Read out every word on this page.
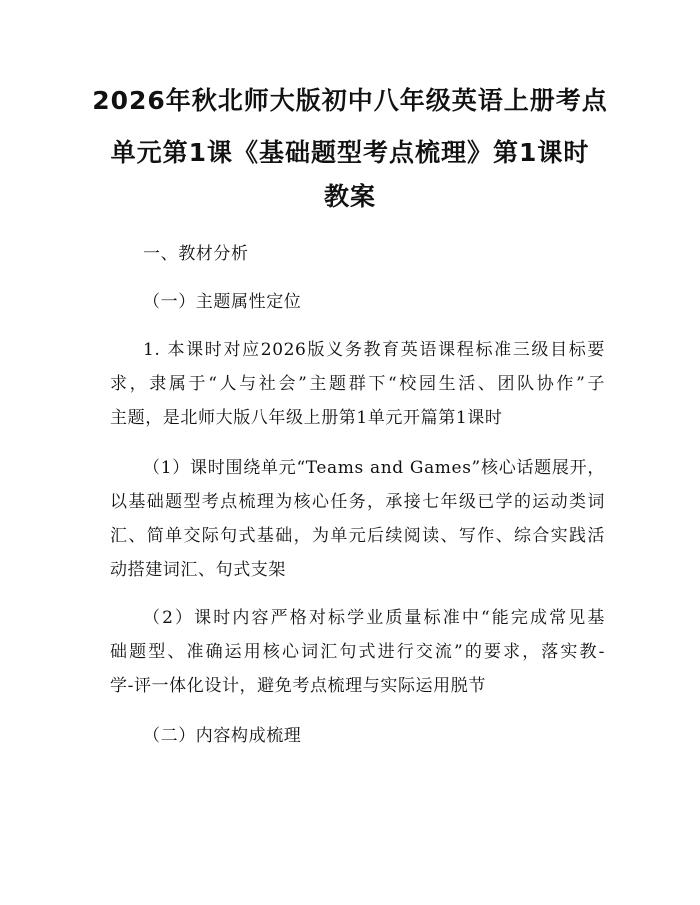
2026年秋北师大版初中八年级英语上册考点
单元第1课《基础题型考点梳理》第1课时
教案
一、教材分析
（一）主题属性定位
1. 本课时对应2026版义务教育英语课程标准三级目标要
求，隶属于“人与社会”主题群下“校园生活、团队协作”子
主题，是北师大版八年级上册第1单元开篇第1课时
（1）课时围绕单元“Teams and Games”核心话题展开，
以基础题型考点梳理为核心任务，承接七年级已学的运动类词
汇、简单交际句式基础，为单元后续阅读、写作、综合实践活
动搭建词汇、句式支架
（2）课时内容严格对标学业质量标准中“能完成常见基
础题型、准确运用核心词汇句式进行交流”的要求，落实教-
学-评一体化设计，避免考点梳理与实际运用脱节
（二）内容构成梳理
